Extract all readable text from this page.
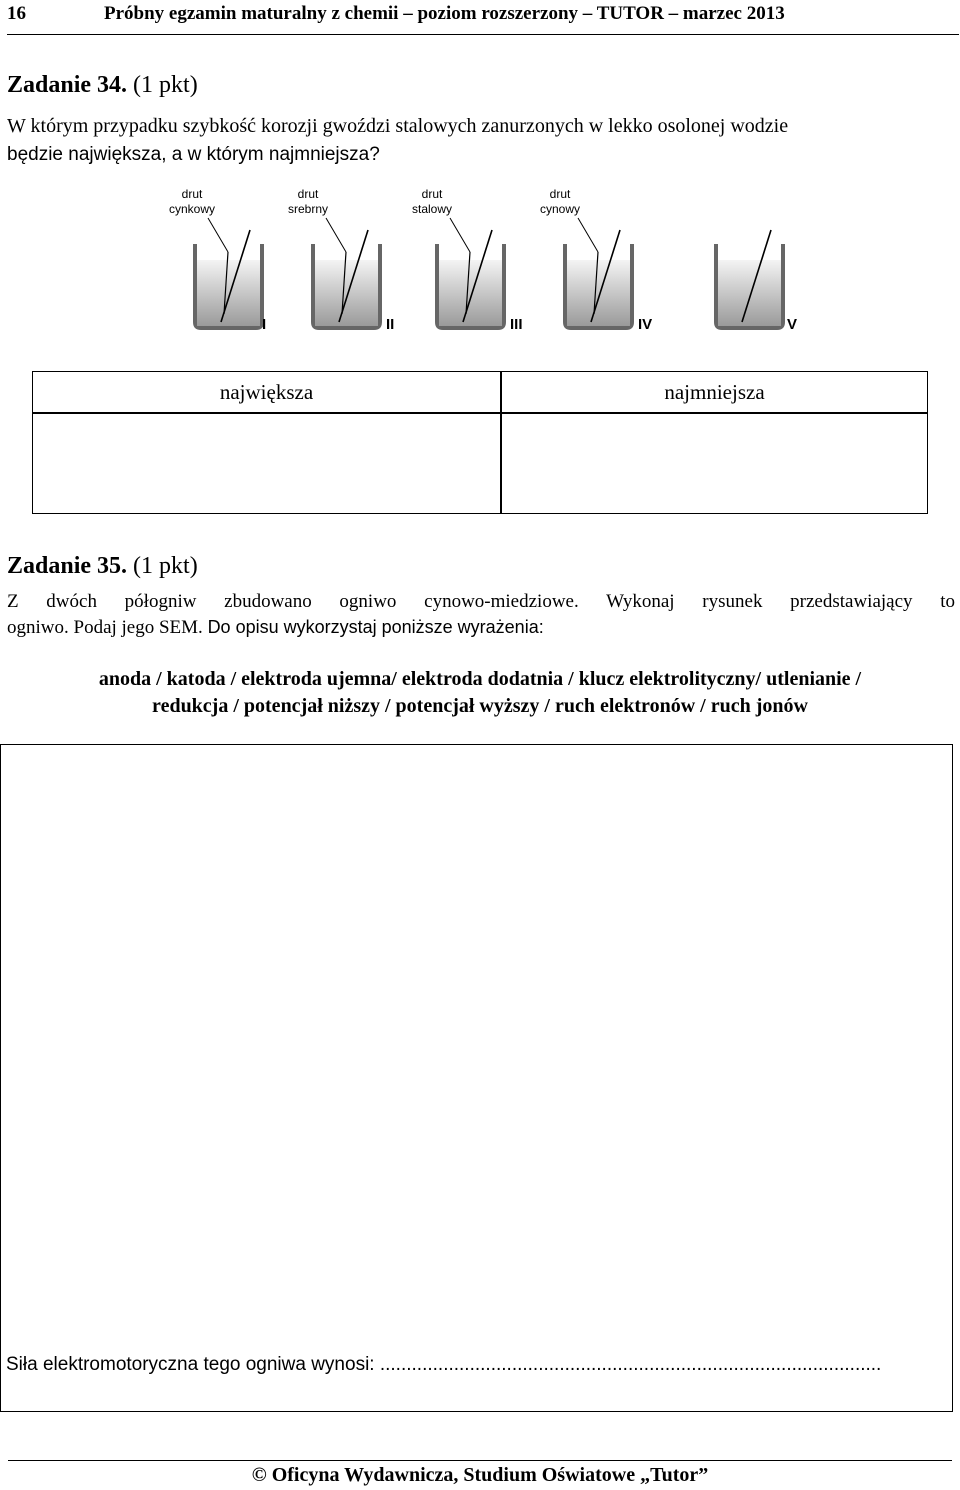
16	Próbny egzamin maturalny z chemii – poziom rozszerzony – TUTOR – marzec 2013
Zadanie 34. (1 pkt)
W którym przypadku szybkość korozji gwoździ stalowych zanurzonych w lekko osolonej wodzie
będzie największa, a w którym najmniejsza?
drut
cynkowy
drut
srebrny
drut
stalowy
drut
cynowy
I	II	III	IV	V
największa	najmniejsza
Zadanie 35. (1 pkt)
Z dwóch półogniw zbudowano ogniwo cynowo-miedziowe. Wykonaj rysunek przedstawiający to
ogniwo. Podaj jego SEM. Do opisu wykorzystaj poniższe wyrażenia:
anoda / katoda / elektroda ujemna/ elektroda dodatnia / klucz elektrolityczny/ utlenianie /
redukcja / potencjał niższy / potencjał wyższy / ruch elektronów / ruch jonów
Siła elektromotoryczna tego ogniwa wynosi: ...............................................................................................
© Oficyna Wydawnicza, Studium Oświatowe „Tutor”
